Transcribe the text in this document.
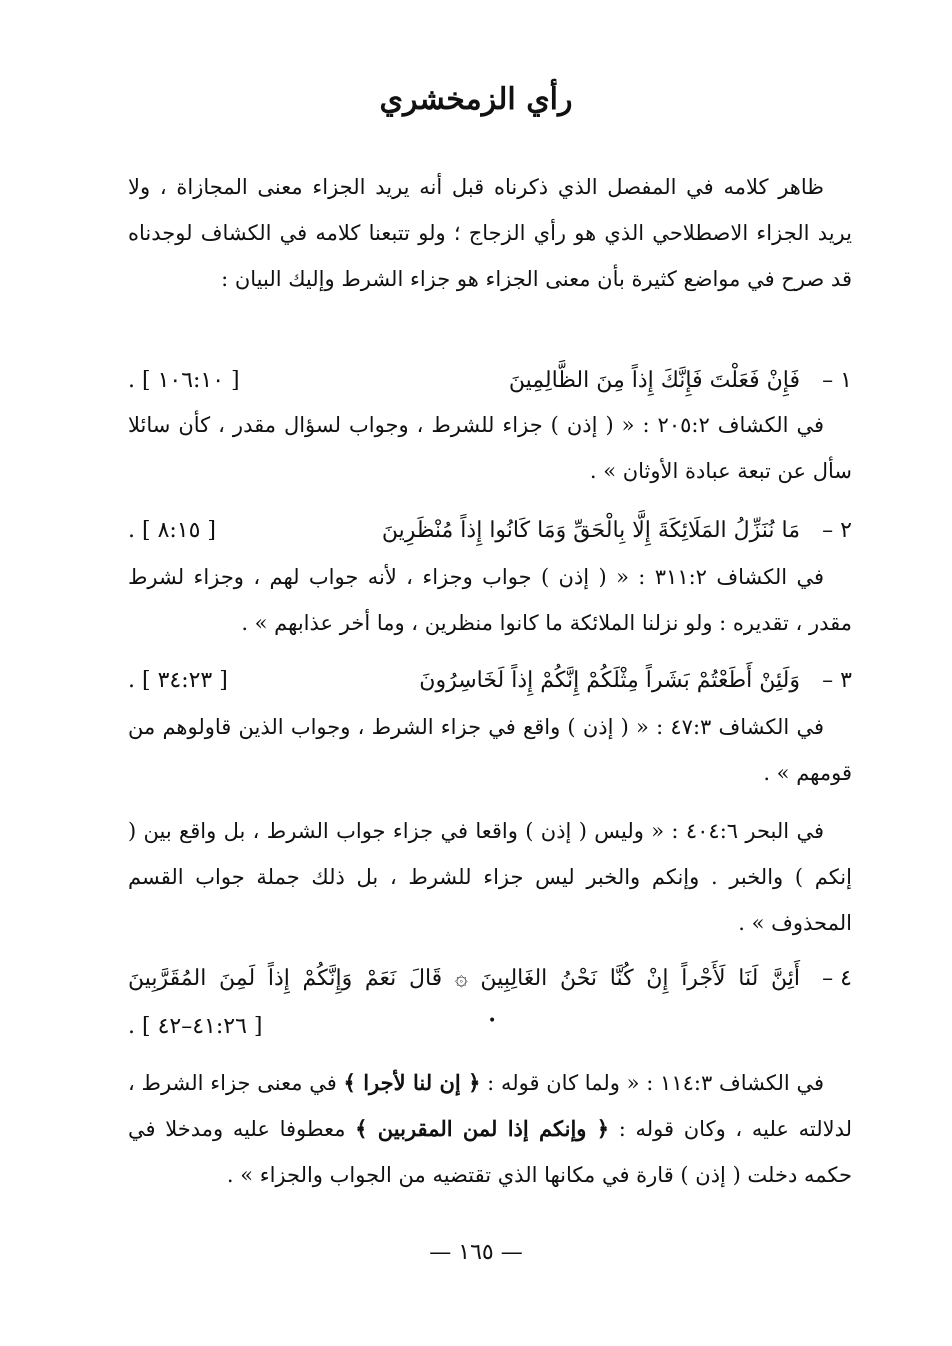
رأي الزمخشري
ظاهر كلامه في المفصل الذي ذكرناه قبل أنه يريد الجزاء معنى المجازاة ، ولا يريد الجزاء الاصطلاحي الذي هو رأي الزجاج ؛ ولو تتبعنا كلامه في الكشاف لوجدناه قد صرح في مواضع كثيرة بأن معنى الجزاء هو جزاء الشرط وإليك البيان :
١ –
فَإِنْ فَعَلْتَ فَإِنَّكَ إِذاً مِنَ الظَّالِمِينَ
[ ١٠٦:١٠ ] .
في الكشاف ٢٠٥:٢ : « ( إذن ) جزاء للشرط ، وجواب لسؤال مقدر ، كأن سائلا سأل عن تبعة عبادة الأوثان » .
٢ –
مَا نُنَزِّلُ المَلَائِكَةَ إِلَّا بِالْحَقِّ وَمَا كَانُوا إِذاً مُنْظَرِينَ
[ ٨:١٥ ] .
في الكشاف ٣١١:٢ : « ( إذن ) جواب وجزاء ، لأنه جواب لهم ، وجزاء لشرط مقدر ، تقديره : ولو نزلنا الملائكة ما كانوا منظرين ، وما أخر عذابهم » .
٣ –
وَلَئِنْ أَطَعْتُمْ بَشَراً مِثْلَكُمْ إِنَّكُمْ إِذاً لَخَاسِرُونَ
[ ٣٤:٢٣ ] .
في الكشاف ٤٧:٣ : « ( إذن ) واقع في جزاء الشرط ، وجواب الذين قاولوهم من قومهم » .
في البحر ٤٠٤:٦ : « وليس ( إذن ) واقعا في جزاء جواب الشرط ، بل واقع بين ( إنكم ) والخبر . وإنكم والخبر ليس جزاء للشرط ، بل ذلك جملة جواب القسم المحذوف » .
٤ –
أَئِنَّ لَنَا لَأَجْراً إِنْ كُنَّا نَحْنُ الغَالِبِينَ ۞ قَالَ نَعَمْ وَإِنَّكُمْ إِذاً لَمِنَ المُقَرَّبِينَ
[ ٤١:٢٦–٤٢ ] .	•
في الكشاف ١١٤:٣ : « ولما كان قوله : ﴿ إن لنا لأجرا ﴾ في معنى جزاء الشرط ، لدلالته عليه ، وكان قوله : ﴿ وإنكم إذا لمن المقربين ﴾ معطوفا عليه ومدخلا في حكمه دخلت ( إذن ) قارة في مكانها الذي تقتضيه من الجواب والجزاء » .
— ١٦٥ —
